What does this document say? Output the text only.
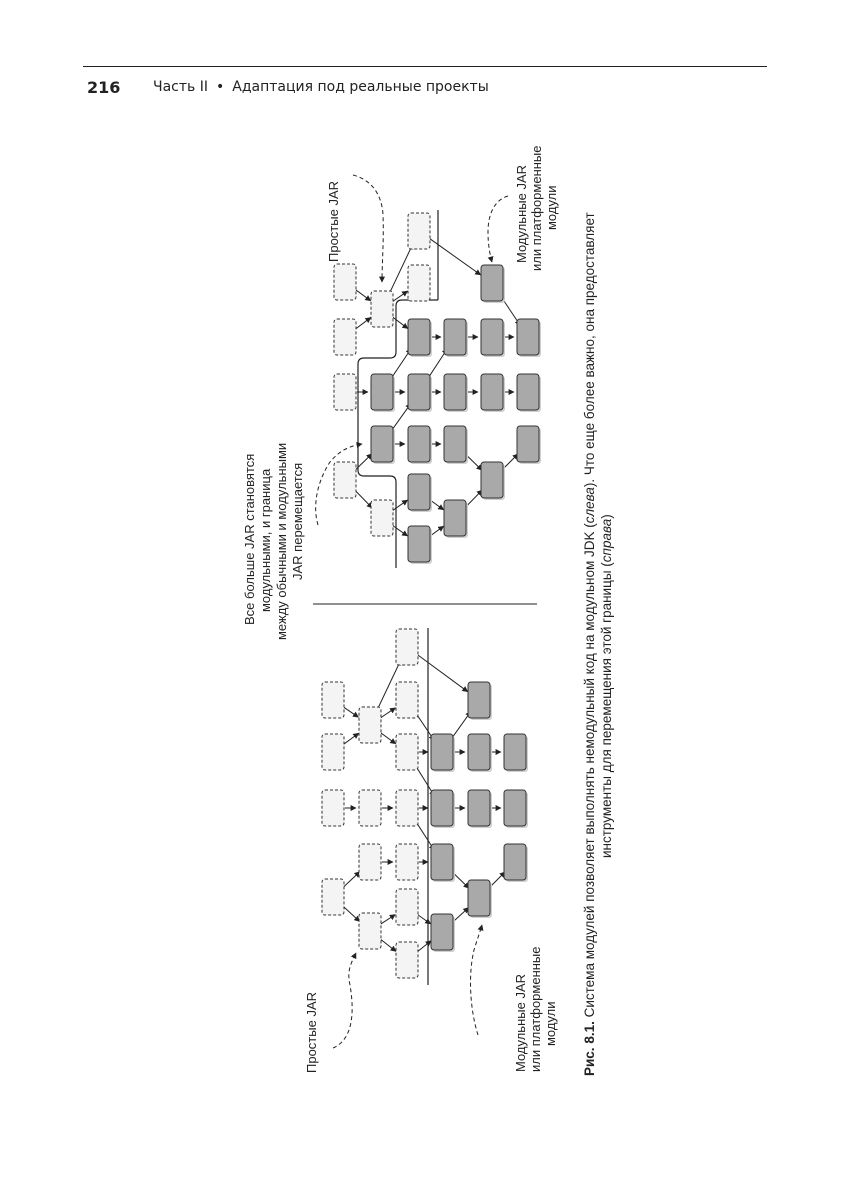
216 Часть II • Адаптация под реальные проекты
Простые JAR	Модульные JAR или платформенные модули
Простые JAR	Модульные JAR или платформенные модули
Все больше JAR становятся модульными, и граница между обычными и модульными JAR перемещается
Рис. 8.1. Система модулей позволяет выполнять немодульный код на модульном JDK (слева). Что еще более важно, она предоставляет
инструменты для перемещения этой границы (справа)
